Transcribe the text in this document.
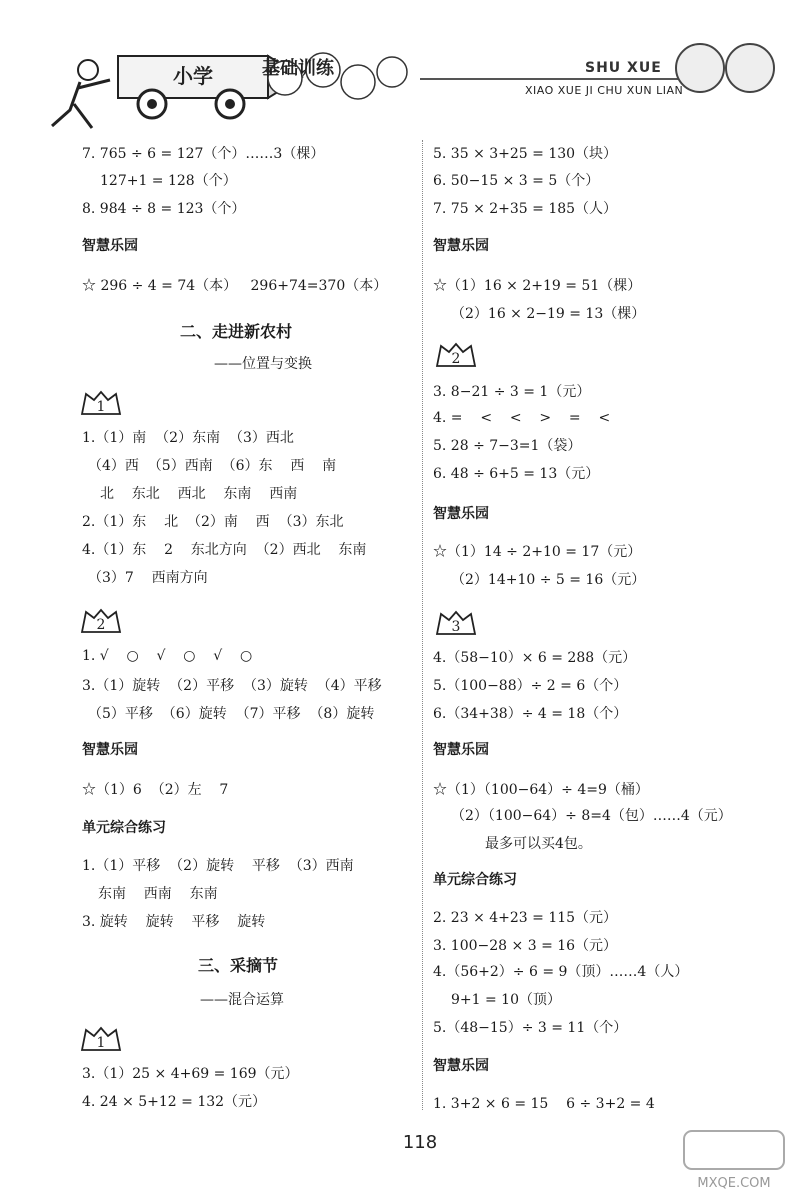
小学	基础训练
XIAO XUE JI CHU XUN LIAN
SHU XUE
7. 765 ÷ 6 = 127（个）……3（棵）
127+1 = 128（个）
8. 984 ÷ 8 = 123（个）
智慧乐园
☆ 296 ÷ 4 = 74（本）   296+74=370（本）
二、走进新农村
——位置与变换
1
1.（1）南  （2）东南  （3）西北
（4）西  （5）西南  （6）东    西    南
北    东北    西北    东南    西南
2.（1）东    北  （2）南    西  （3）东北
4.（1）东    2    东北方向  （2）西北    东南
（3）7    西南方向
2
1. √    ○    √    ○    √    ○
3.（1）旋转  （2）平移  （3）旋转  （4）平移
（5）平移  （6）旋转  （7）平移  （8）旋转
智慧乐园
☆（1）6  （2）左    7
单元综合练习
1.（1）平移  （2）旋转    平移  （3）西南
东南    西南    东南
3. 旋转    旋转    平移    旋转
三、采摘节
——混合运算
1
3.（1）25 × 4+69 = 169（元）
4. 24 × 5+12 = 132（元）
5. 35 × 3+25 = 130（块）
6. 50−15 × 3 = 5（个）
7. 75 × 2+35 = 185（人）
智慧乐园
☆（1）16 × 2+19 = 51（棵）
（2）16 × 2−19 = 13（棵）
2
3. 8−21 ÷ 3 = 1（元）
4. =    <    <    >    =    <
5. 28 ÷ 7−3=1（袋）
6. 48 ÷ 6+5 = 13（元）
智慧乐园
☆（1）14 ÷ 2+10 = 17（元）
（2）14+10 ÷ 5 = 16（元）
3
4.（58−10）× 6 = 288（元）
5.（100−88）÷ 2 = 6（个）
6.（34+38）÷ 4 = 18（个）
智慧乐园
☆（1）（100−64）÷ 4=9（桶）
（2）（100−64）÷ 8=4（包）……4（元）
最多可以买4包。
单元综合练习
2. 23 × 4+23 = 115（元）
3. 100−28 × 3 = 16（元）
4.（56+2）÷ 6 = 9（顶）……4（人）
9+1 = 10（顶）
5.（48−15）÷ 3 = 11（个）
智慧乐园
1. 3+2 × 6 = 15    6 ÷ 3+2 = 4
118
MXQE.COM
